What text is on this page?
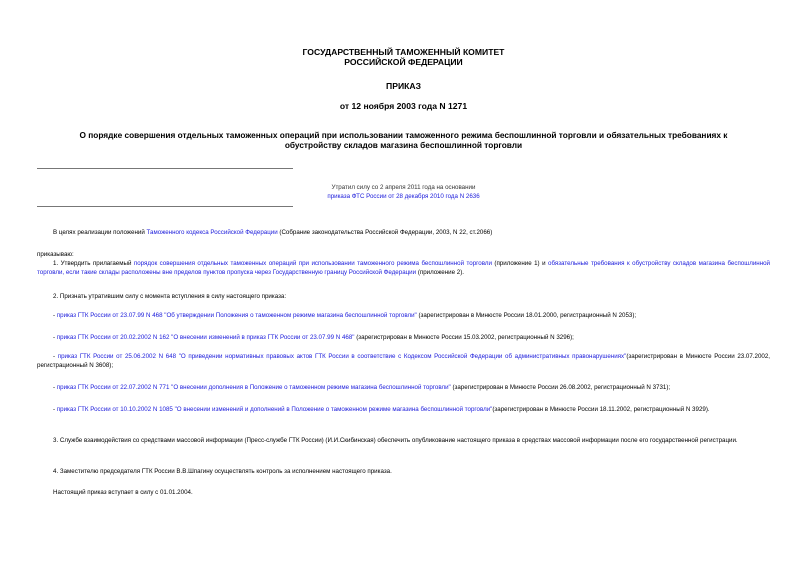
ГОСУДАРСТВЕННЫЙ ТАМОЖЕННЫЙ КОМИТЕТ
РОССИЙСКОЙ ФЕДЕРАЦИИ
ПРИКАЗ
от 12 ноября 2003 года N 1271
О порядке совершения отдельных таможенных операций при использовании таможенного режима беспошлинной торговли и обязательных требованиях к обустройству складов магазина беспошлинной торговли
Утратил силу со 2 апреля 2011 года на основании
приказа ФТС России от 28 декабря 2010 года N 2636
В целях реализации положений Таможенного кодекса Российской Федерации (Собрание законодательства Российской Федерации, 2003, N 22, ст.2066)
приказываю:
1. Утвердить прилагаемый порядок совершения отдельных таможенных операций при использовании таможенного режима беспошлинной торговли (приложение 1) и обязательные требования к обустройству складов магазина беспошлинной торговли, если такие склады расположены вне пределов пунктов пропуска через Государственную границу Российской Федерации (приложение 2).
2. Признать утратившим силу с момента вступления в силу настоящего приказа:
- приказ ГТК России от 23.07.99 N 468 "Об утверждении Положения о таможенном режиме магазина беспошлинной торговли" (зарегистрирован в Минюсте России 18.01.2000, регистрационный N 2053);
- приказ ГТК России от 20.02.2002 N 162 "О внесении изменений в приказ ГТК России от 23.07.99 N 468" (зарегистрирован в Минюсте России 15.03.2002, регистрационный N 3296);
- приказ ГТК России от 25.06.2002 N 648 "О приведении нормативных правовых актов ГТК России в соответствие с Кодексом Российской Федерации об административных правонарушениях"(зарегистрирован в Минюсте России 23.07.2002, регистрационный N 3608);
- приказ ГТК России от 22.07.2002 N 771 "О внесении дополнения в Положение о таможенном режиме магазина беспошлинной торговли" (зарегистрирован в Минюсте России 26.08.2002, регистрационный N 3731);
- приказ ГТК России от 10.10.2002 N 1085 "О внесении изменений и дополнений в Положение о таможенном режиме магазина беспошлинной торговли"(зарегистрирован в Минюсте России 18.11.2002, регистрационный N 3929).
3. Службе взаимодействия со средствами массовой информации (Пресс-службе ГТК России) (И.И.Скибинская) обеспечить опубликование настоящего приказа в средствах массовой информации после его государственной регистрации.
4. Заместителю председателя ГТК России В.В.Шпагину осуществлять контроль за исполнением настоящего приказа.
Настоящий приказ вступает в силу с 01.01.2004.
